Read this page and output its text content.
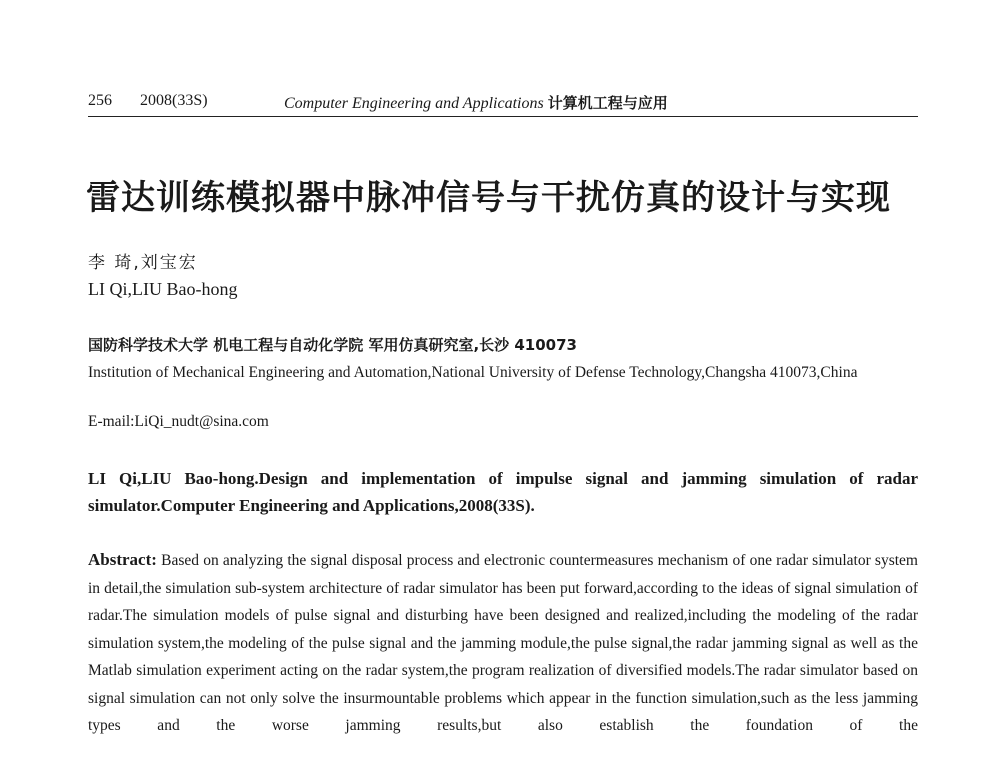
256 2008(33S)	Computer Engineering and Applications 计算机工程与应用
雷达训练模拟器中脉冲信号与干扰仿真的设计与实现
李 琦,刘宝宏
LI Qi,LIU Bao-hong
国防科学技术大学 机电工程与自动化学院 军用仿真研究室,长沙 410073
Institution of Mechanical Engineering and Automation,National University of Defense Technology,Changsha 410073,China
E-mail:LiQi_nudt@sina.com
LI Qi,LIU Bao-hong.Design and implementation of impulse signal and jamming simulation of radar simulator.Computer Engineering and Applications,2008(33S).
Abstract: Based on analyzing the signal disposal process and electronic countermeasures mechanism of one radar simulator system in detail,the simulation sub-system architecture of radar simulator has been put forward,according to the ideas of signal simulation of radar.The simulation models of pulse signal and disturbing have been designed and realized,including the modeling of the radar simulation system,the modeling of the pulse signal and the jamming module,the pulse signal,the radar jamming signal as well as the Matlab simulation experiment acting on the radar system,the program realization of diversified models.The radar simulator based on signal simulation can not only solve the insurmountable problems which appear in the function simulation,such as the less jamming types and the worse jamming results,but also establish the foundation of the
